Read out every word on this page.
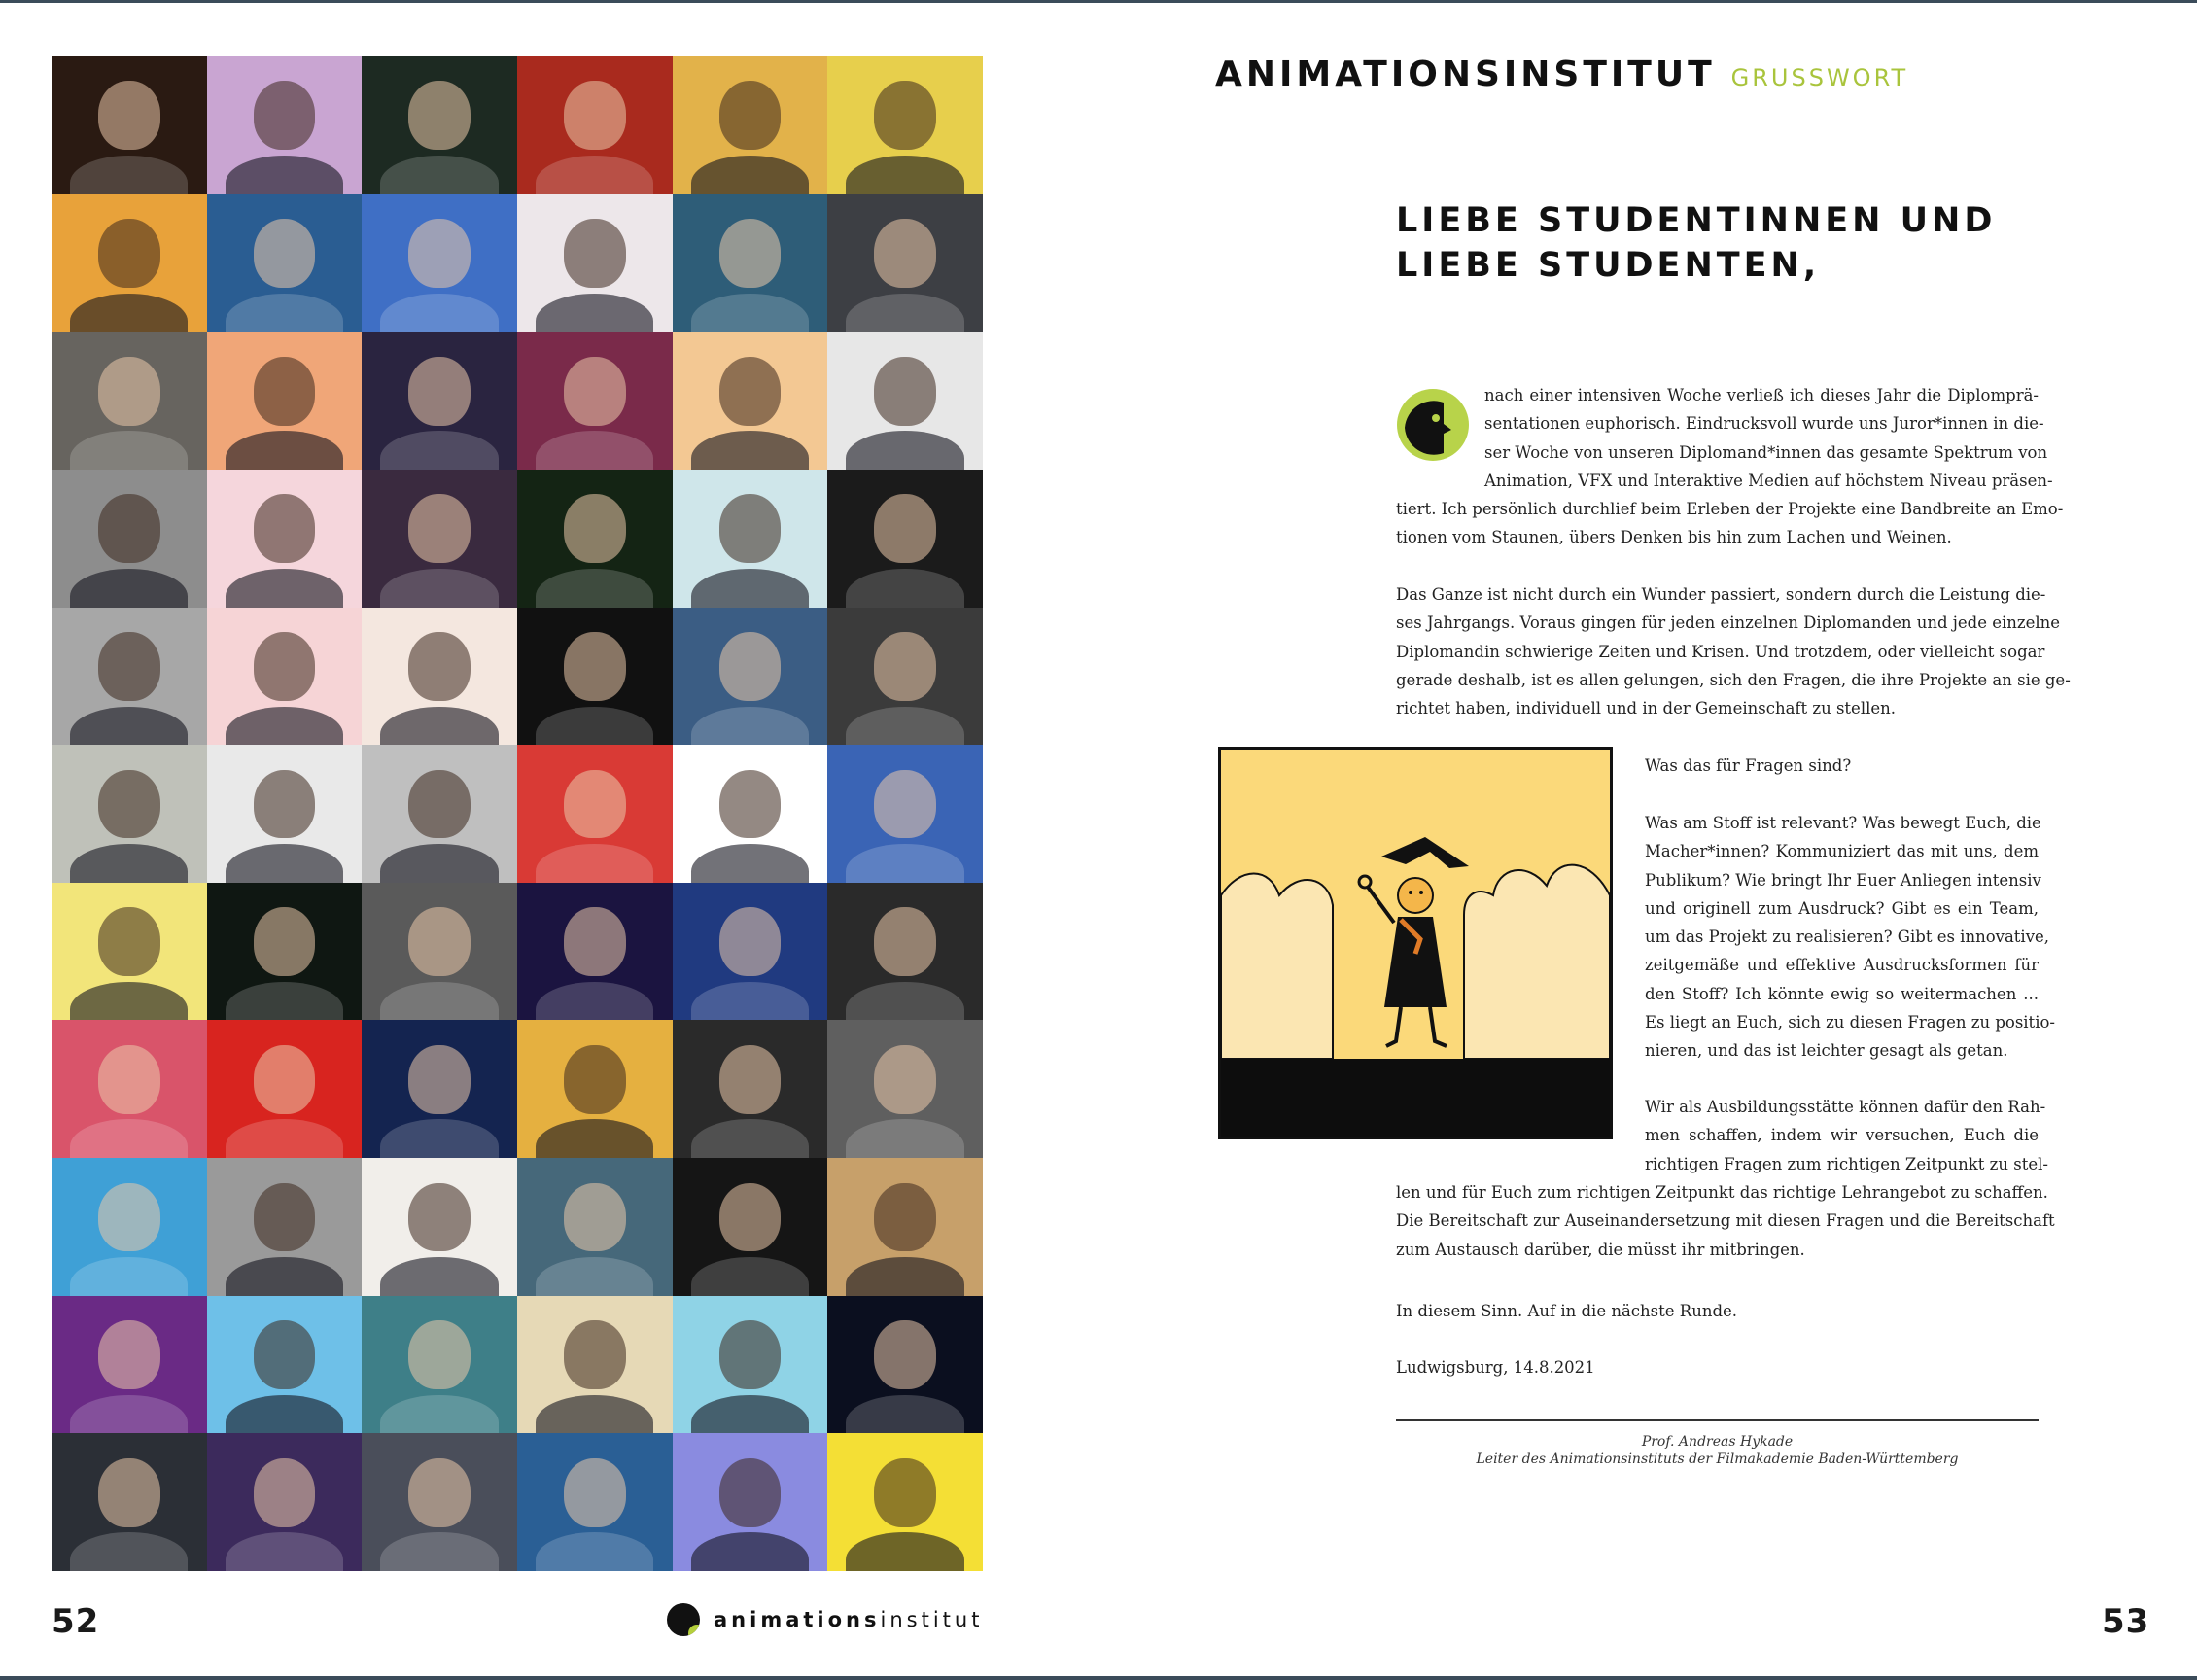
52	animationsinstitut
ANIMATIONSINSTITUT GRUSSWORT
LIEBE STUDENTINNEN UND
LIEBE STUDENTEN,
nach einer intensiven Woche verließ ich dieses Jahr die Diplomprä-
sentationen euphorisch. Eindrucksvoll wurde uns Juror*innen in die-
ser Woche von unseren Diplomand*innen das gesamte Spektrum von
Animation, VFX und Interaktive Medien auf höchstem Niveau präsen-
tiert. Ich persönlich durchlief beim Erleben der Projekte eine Bandbreite an Emo-
tionen vom Staunen, übers Denken bis hin zum Lachen und Weinen.
Das Ganze ist nicht durch ein Wunder passiert, sondern durch die Leistung die-
ses Jahrgangs. Voraus gingen für jeden einzelnen Diplomanden und jede einzelne
Diplomandin schwierige Zeiten und Krisen. Und trotzdem, oder vielleicht sogar
gerade deshalb, ist es allen gelungen, sich den Fragen, die ihre Projekte an sie ge-
richtet haben, individuell und in der Gemeinschaft zu stellen.
Was das für Fragen sind?
Was am Stoff ist relevant? Was bewegt Euch, die
Macher*innen? Kommuniziert das mit uns, dem
Publikum? Wie bringt Ihr Euer Anliegen intensiv
und originell zum Ausdruck? Gibt es ein Team,
um das Projekt zu realisieren? Gibt es innovative,
zeitgemäße und effektive Ausdrucksformen für
den Stoff? Ich könnte ewig so weitermachen ...
Es liegt an Euch, sich zu diesen Fragen zu positio-
nieren, und das ist leichter gesagt als getan.
Wir als Ausbildungsstätte können dafür den Rah-
men schaffen, indem wir versuchen, Euch die
richtigen Fragen zum richtigen Zeitpunkt zu stel-
len und für Euch zum richtigen Zeitpunkt das richtige Lehrangebot zu schaffen.
Die Bereitschaft zur Auseinandersetzung mit diesen Fragen und die Bereitschaft
zum Austausch darüber, die müsst ihr mitbringen.
In diesem Sinn. Auf in die nächste Runde.
Ludwigsburg, 14.8.2021
Prof. Andreas Hykade
Leiter des Animationsinstituts der Filmakademie Baden-Württemberg
53
